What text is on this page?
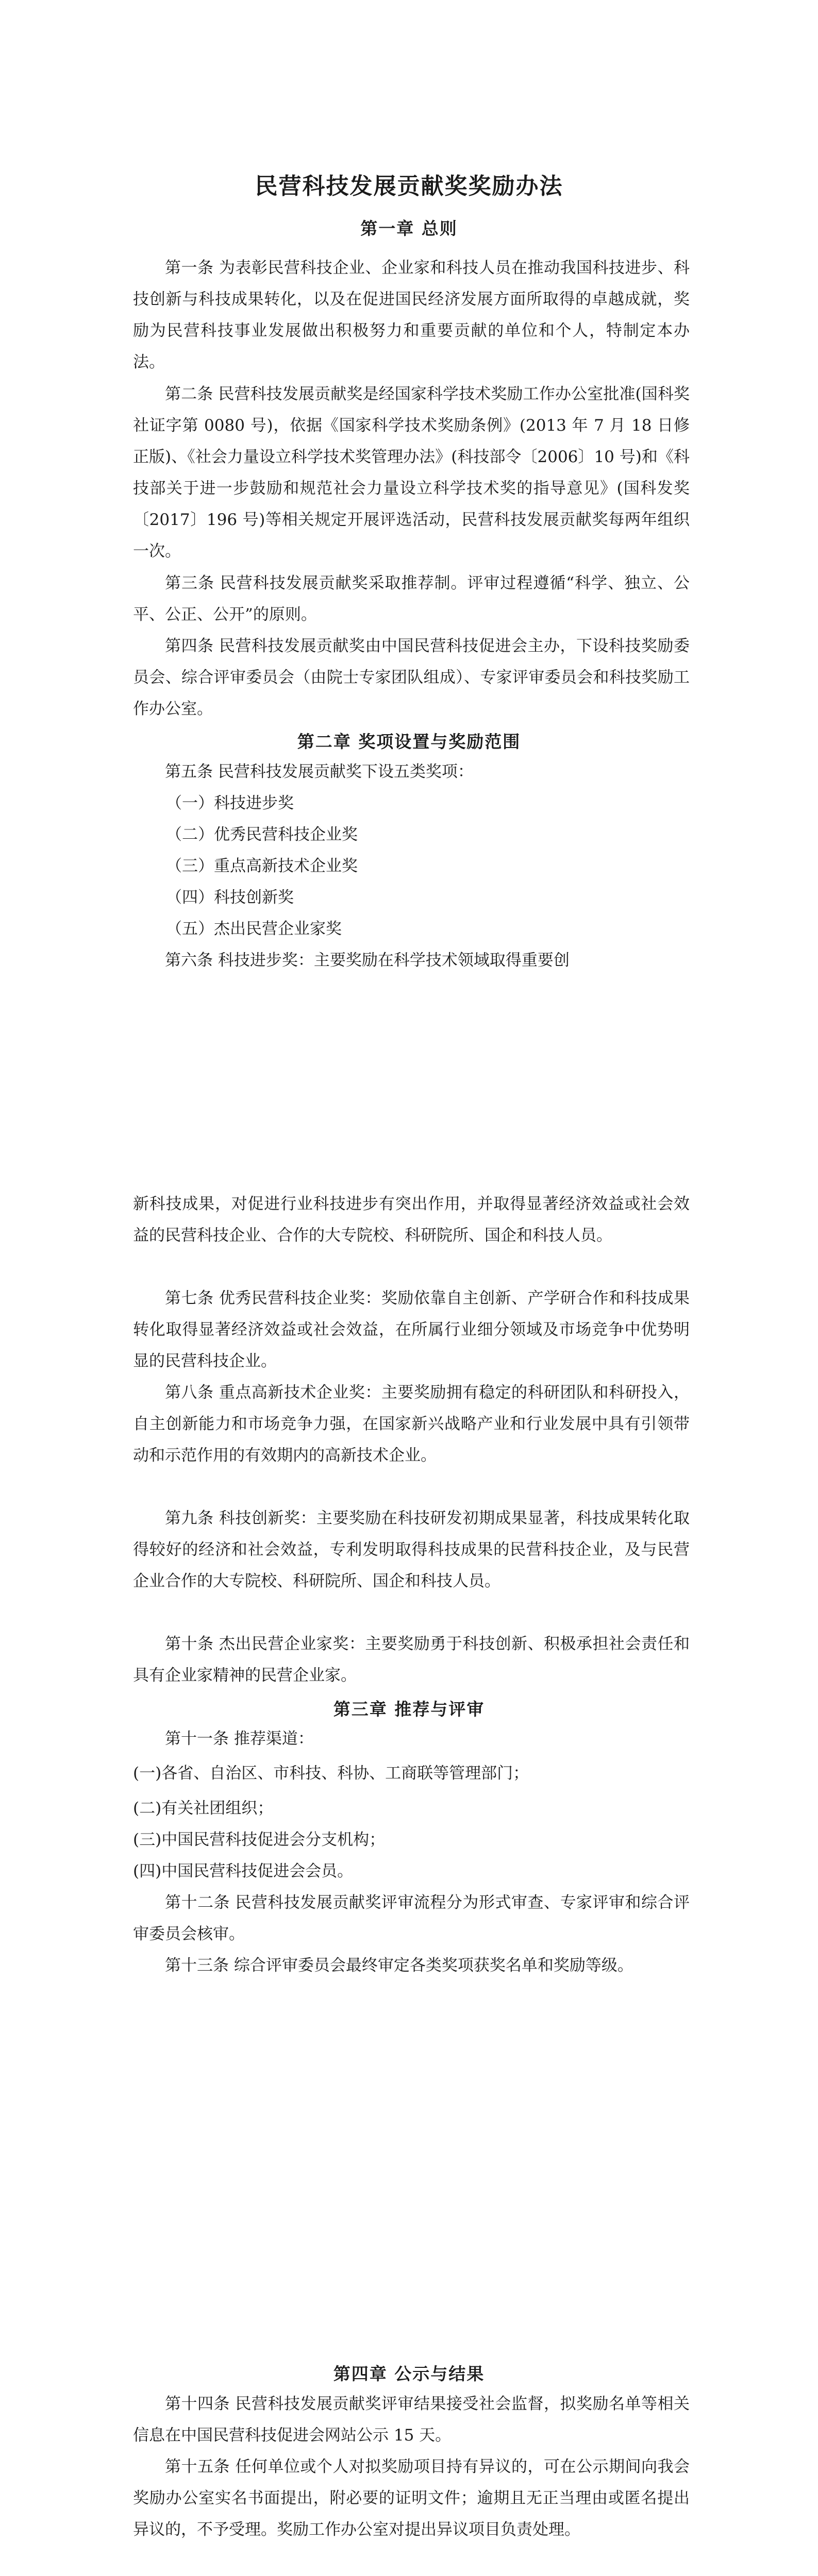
民营科技发展贡献奖奖励办法
第一章 总则

第一条 为表彰民营科技企业、企业家和科技人员在推动我国科技进步、科技创新与科技成果转化，以及在促进国民经济发展方面所取得的卓越成就，奖励为民营科技事业发展做出积极努力和重要贡献的单位和个人，特制定本办法。

第二条 民营科技发展贡献奖是经国家科学技术奖励工作办公室批准(国科奖社证字第 0080 号)，依据《国家科学技术奖励条例》(2013 年 7 月 18 日修正版)、《社会力量设立科学技术奖管理办法》(科技部令〔2006〕10 号)和《科技部关于进一步鼓励和规范社会力量设立科学技术奖的指导意见》(国科发奖〔2017〕196 号)等相关规定开展评选活动，民营科技发展贡献奖每两年组织一次。

第三条 民营科技发展贡献奖采取推荐制。评审过程遵循“科学、独立、公平、公正、公开”的原则。

第四条 民营科技发展贡献奖由中国民营科技促进会主办，下设科技奖励委员会、综合评审委员会（由院士专家团队组成）、专家评审委员会和科技奖励工作办公室。

第二章 奖项设置与奖励范围

第五条 民营科技发展贡献奖下设五类奖项：

（一）科技进步奖

（二）优秀民营科技企业奖

（三）重点高新技术企业奖

（四）科技创新奖

（五）杰出民营企业家奖

第六条 科技进步奖：主要奖励在科学技术领域取得重要创

新科技成果，对促进行业科技进步有突出作用，并取得显著经济效益或社会效益的民营科技企业、合作的大专院校、科研院所、国企和科技人员。

第七条 优秀民营科技企业奖：奖励依靠自主创新、产学研合作和科技成果转化取得显著经济效益或社会效益，在所属行业细分领域及市场竞争中优势明显的民营科技企业。

第八条 重点高新技术企业奖：主要奖励拥有稳定的科研团队和科研投入，自主创新能力和市场竞争力强，在国家新兴战略产业和行业发展中具有引领带动和示范作用的有效期内的高新技术企业。

第九条 科技创新奖：主要奖励在科技研发初期成果显著，科技成果转化取得较好的经济和社会效益，专利发明取得科技成果的民营科技企业，及与民营企业合作的大专院校、科研院所、国企和科技人员。

第十条 杰出民营企业家奖：主要奖励勇于科技创新、积极承担社会责任和具有企业家精神的民营企业家。

第三章 推荐与评审

第十一条 推荐渠道：

(一)各省、自治区、市科技、科协、工商联等管理部门；

(二)有关社团组织；

(三)中国民营科技促进会分支机构；

(四)中国民营科技促进会会员。

第十二条 民营科技发展贡献奖评审流程分为形式审查、专家评审和综合评审委员会核审。

第十三条 综合评审委员会最终审定各类奖项获奖名单和奖励等级。

第四章 公示与结果

第十四条 民营科技发展贡献奖评审结果接受社会监督，拟奖励名单等相关信息在中国民营科技促进会网站公示 15 天。

第十五条 任何单位或个人对拟奖励项目持有异议的，可在公示期间向我会奖励办公室实名书面提出，附必要的证明文件；逾期且无正当理由或匿名提出异议的，不予受理。奖励工作办公室对提出异议项目负责处理。
